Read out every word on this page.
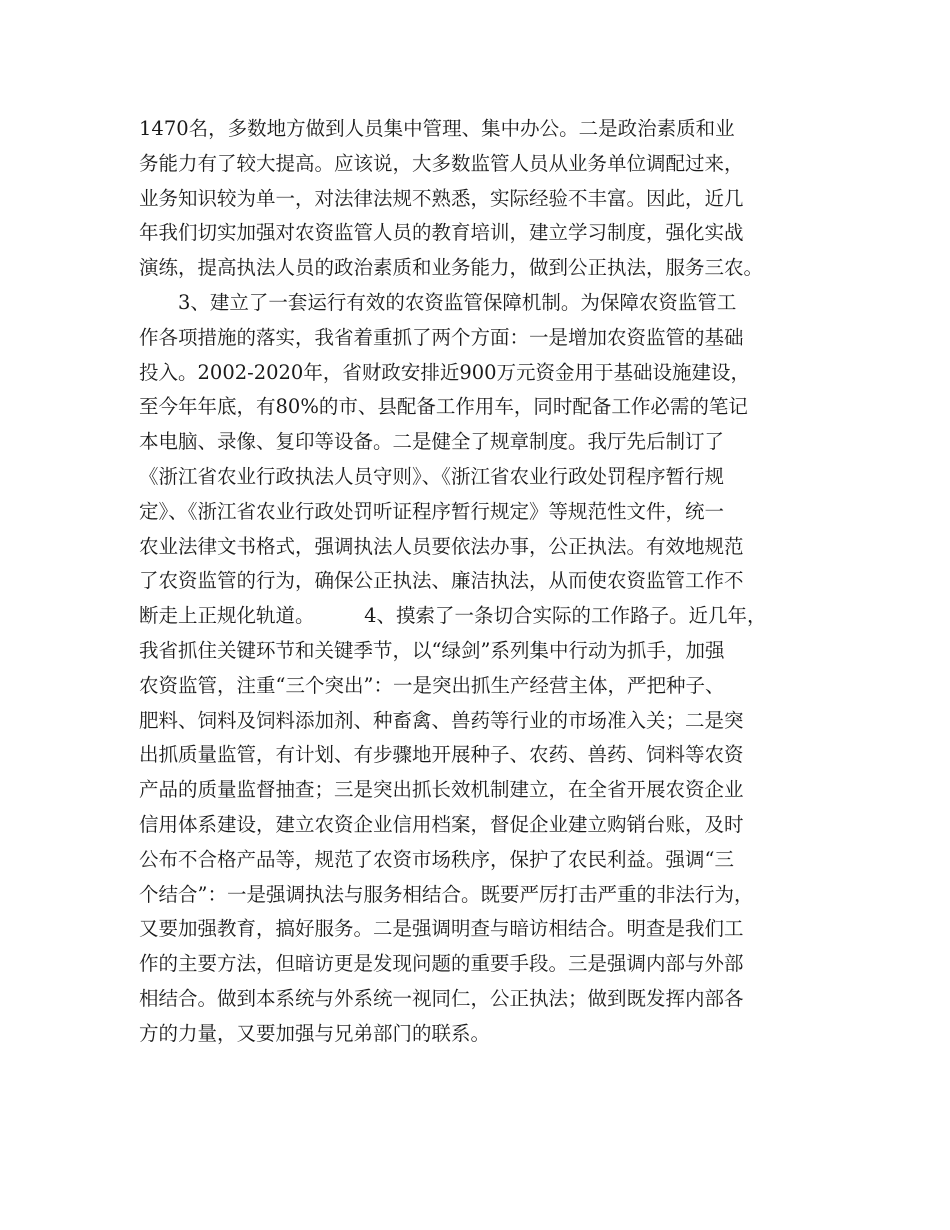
1470名，多数地方做到人员集中管理、集中办公。二是政治素质和业
务能力有了较大提高。应该说，大多数监管人员从业务单位调配过来，
业务知识较为单一，对法律法规不熟悉，实际经验不丰富。因此，近几
年我们切实加强对农资监管人员的教育培训，建立学习制度，强化实战
演练，提高执法人员的政治素质和业务能力，做到公正执法，服务三农。
3、建立了一套运行有效的农资监管保障机制。为保障农资监管工
作各项措施的落实，我省着重抓了两个方面：一是增加农资监管的基础
投入。2002-2020年，省财政安排近900万元资金用于基础设施建设，
至今年年底，有80%的市、县配备工作用车，同时配备工作必需的笔记
本电脑、录像、复印等设备。二是健全了规章制度。我厅先后制订了
《浙江省农业行政执法人员守则》、《浙江省农业行政处罚程序暂行规
定》、《浙江省农业行政处罚听证程序暂行规定》等规范性文件，统一
农业法律文书格式，强调执法人员要依法办事，公正执法。有效地规范
了农资监管的行为，确保公正执法、廉洁执法，从而使农资监管工作不
断走上正规化轨道。        4、摸索了一条切合实际的工作路子。近几年，
我省抓住关键环节和关键季节，以“绿剑”系列集中行动为抓手，加强
农资监管，注重“三个突出”：一是突出抓生产经营主体，严把种子、
肥料、饲料及饲料添加剂、种畜禽、兽药等行业的市场准入关；二是突
出抓质量监管，有计划、有步骤地开展种子、农药、兽药、饲料等农资
产品的质量监督抽查；三是突出抓长效机制建立，在全省开展农资企业
信用体系建设，建立农资企业信用档案，督促企业建立购销台账，及时
公布不合格产品等，规范了农资市场秩序，保护了农民利益。强调“三
个结合”：一是强调执法与服务相结合。既要严厉打击严重的非法行为，
又要加强教育，搞好服务。二是强调明查与暗访相结合。明查是我们工
作的主要方法，但暗访更是发现问题的重要手段。三是强调内部与外部
相结合。做到本系统与外系统一视同仁，公正执法；做到既发挥内部各
方的力量，又要加强与兄弟部门的联系。
